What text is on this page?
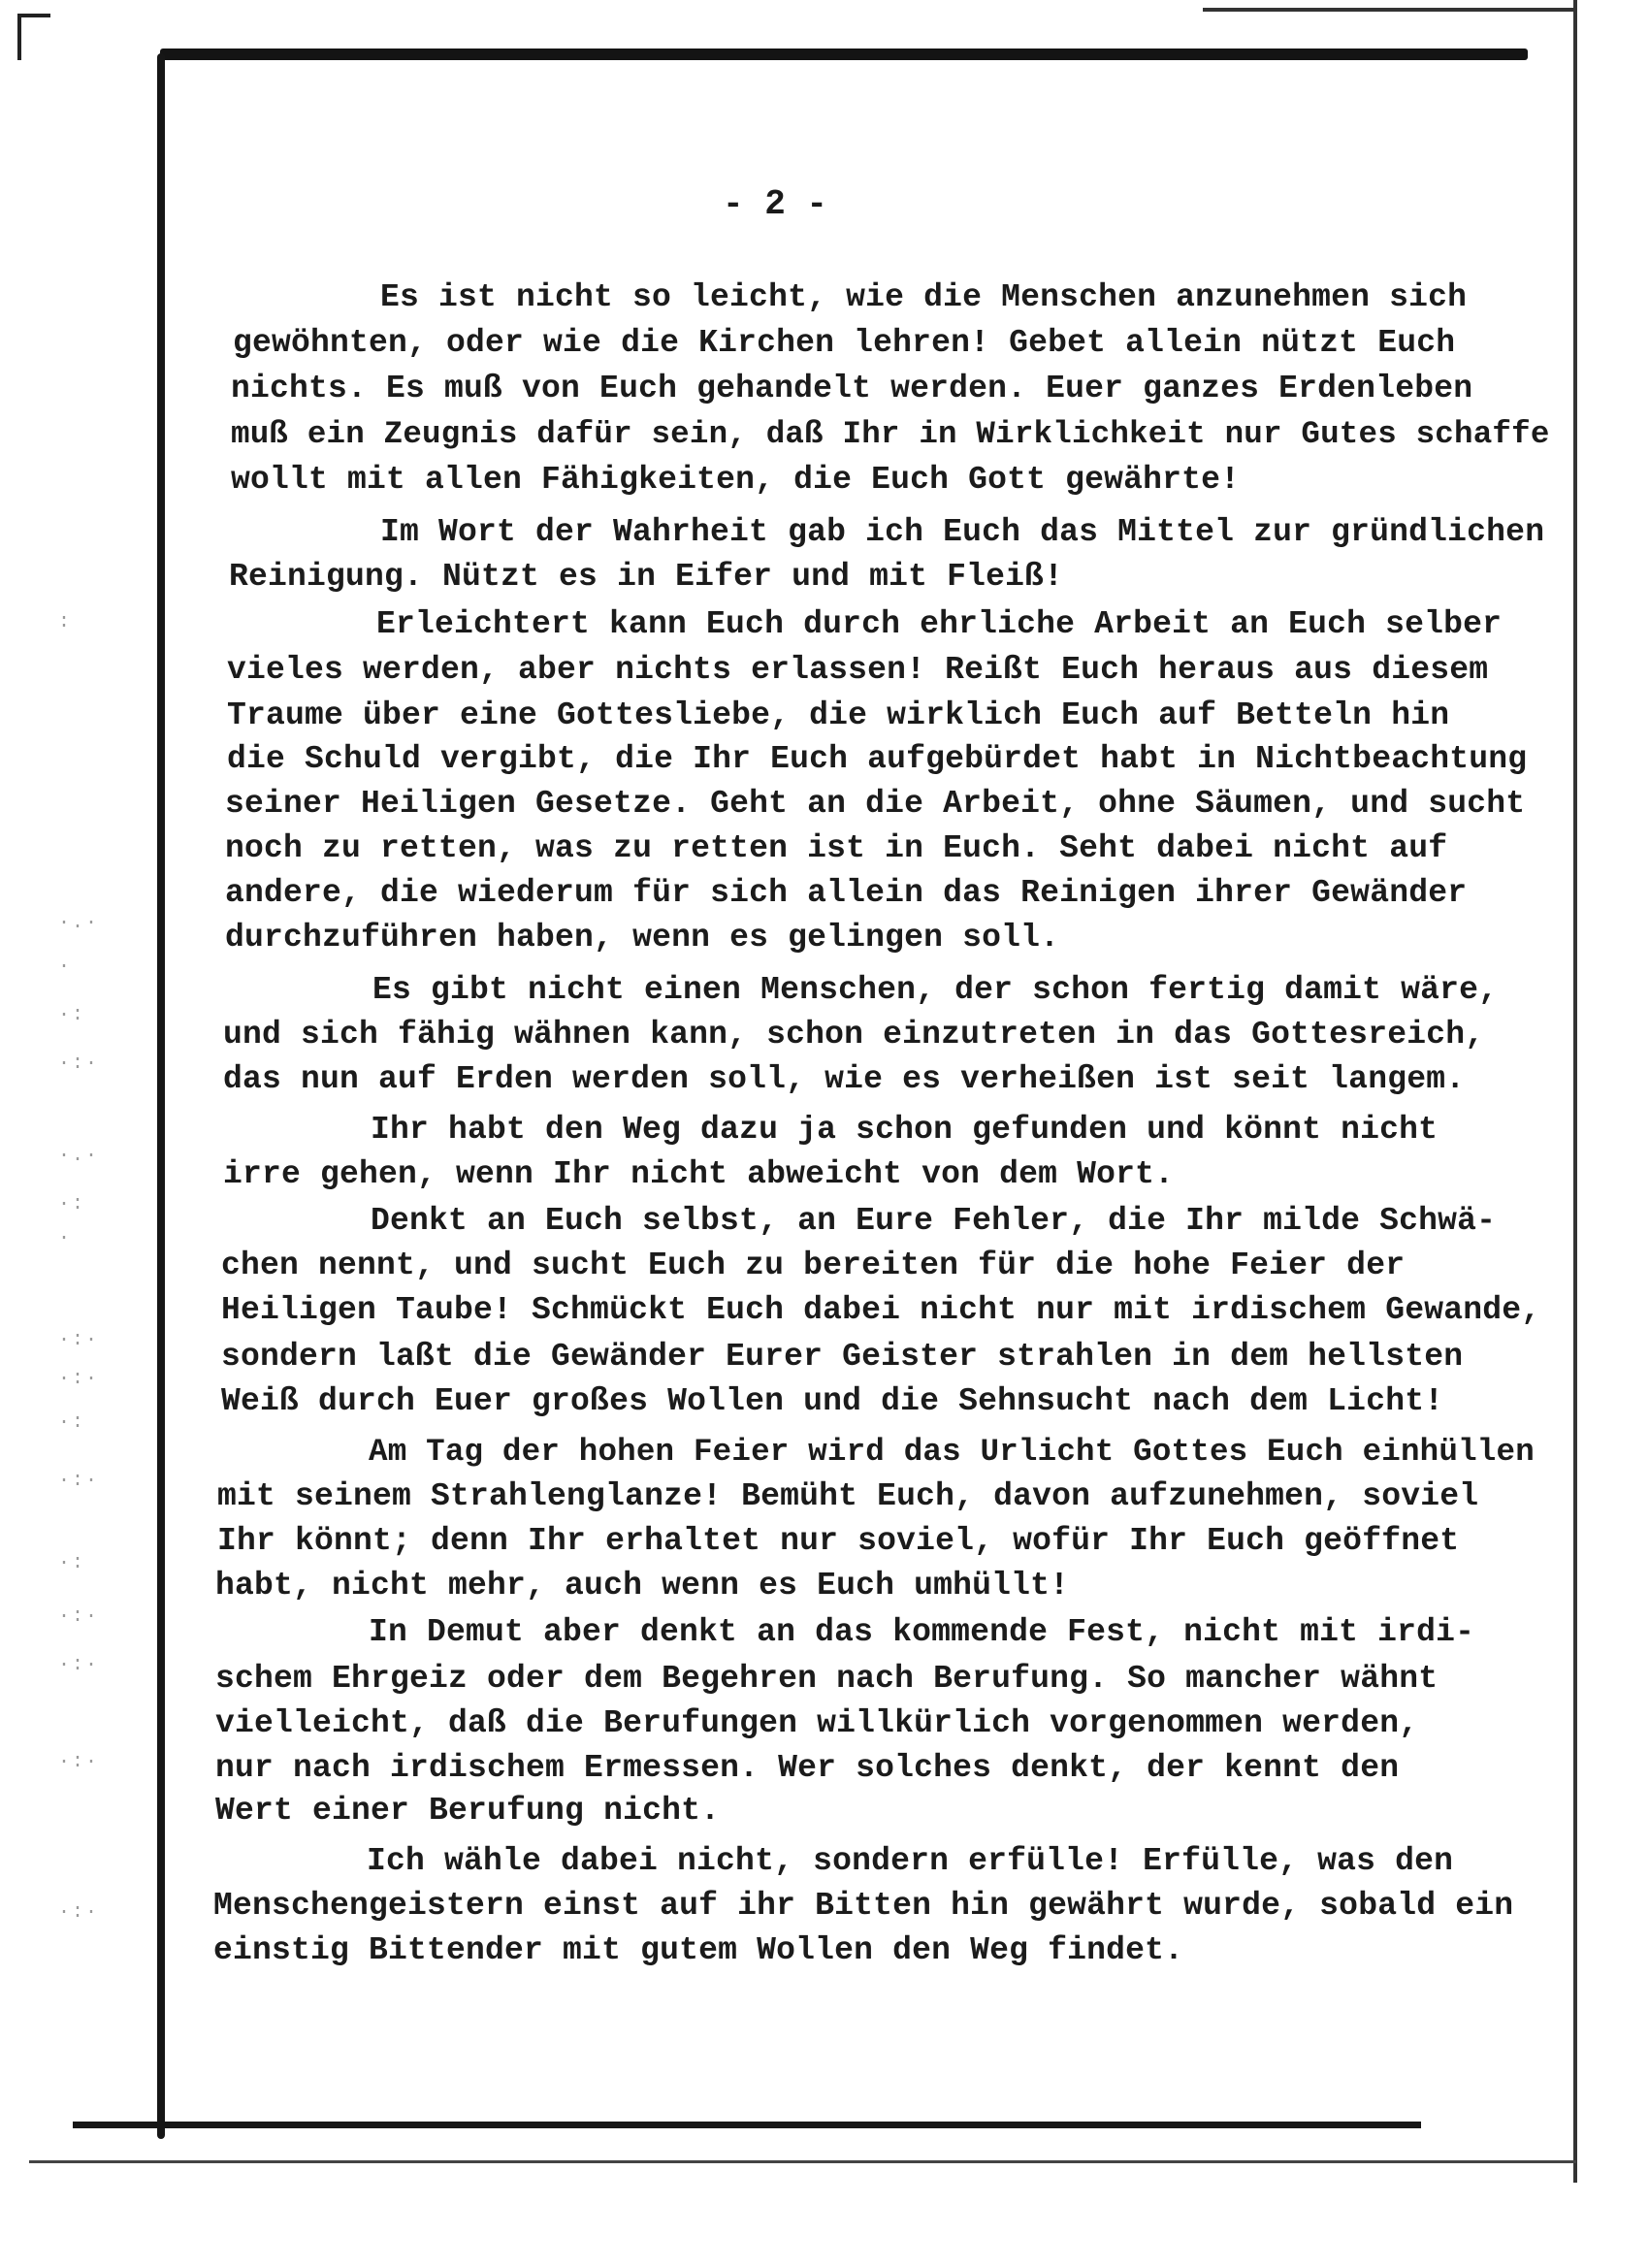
:
·.·
·
·:
·:·
·.·
·:
·
·:·
·:·
·:
·:·
·:
·:·
·:·
·:·
·:·
- 2 -
Es ist nicht so leicht, wie die Menschen anzunehmen sich
gewöhnten, oder wie die Kirchen lehren! Gebet allein nützt Euch
nichts. Es muß von Euch gehandelt werden. Euer ganzes Erdenleben
muß ein Zeugnis dafür sein, daß Ihr in Wirklichkeit nur Gutes schaffe
wollt mit allen Fähigkeiten, die Euch Gott gewährte!
Im Wort der Wahrheit gab ich Euch das Mittel zur gründlichen
Reinigung. Nützt es in Eifer und mit Fleiß!
Erleichtert kann Euch durch ehrliche Arbeit an Euch selber
vieles werden, aber nichts erlassen! Reißt Euch heraus aus diesem
Traume über eine Gottesliebe, die wirklich Euch auf Betteln hin
die Schuld vergibt, die Ihr Euch aufgebürdet habt in Nichtbeachtung
seiner Heiligen Gesetze. Geht an die Arbeit, ohne Säumen, und sucht
noch zu retten, was zu retten ist in Euch. Seht dabei nicht auf
andere, die wiederum für sich allein das Reinigen ihrer Gewänder
durchzuführen haben, wenn es gelingen soll.
Es gibt nicht einen Menschen, der schon fertig damit wäre,
und sich fähig wähnen kann, schon einzutreten in das Gottesreich,
das nun auf Erden werden soll, wie es verheißen ist seit langem.
Ihr habt den Weg dazu ja schon gefunden und könnt nicht
irre gehen, wenn Ihr nicht abweicht von dem Wort.
Denkt an Euch selbst, an Eure Fehler, die Ihr milde Schwä-
chen nennt, und sucht Euch zu bereiten für die hohe Feier der
Heiligen Taube! Schmückt Euch dabei nicht nur mit irdischem Gewande,
sondern laßt die Gewänder Eurer Geister strahlen in dem hellsten
Weiß durch Euer großes Wollen und die Sehnsucht nach dem Licht!
Am Tag der hohen Feier wird das Urlicht Gottes Euch einhüllen
mit seinem Strahlenglanze! Bemüht Euch, davon aufzunehmen, soviel
Ihr könnt; denn Ihr erhaltet nur soviel, wofür Ihr Euch geöffnet
habt, nicht mehr, auch wenn es Euch umhüllt!
In Demut aber denkt an das kommende Fest, nicht mit irdi-
schem Ehrgeiz oder dem Begehren nach Berufung. So mancher wähnt
vielleicht, daß die Berufungen willkürlich vorgenommen werden,
nur nach irdischem Ermessen. Wer solches denkt, der kennt den
Wert einer Berufung nicht.
Ich wähle dabei nicht, sondern erfülle! Erfülle, was den
Menschengeistern einst auf ihr Bitten hin gewährt wurde, sobald ein
einstig Bittender mit gutem Wollen den Weg findet.
